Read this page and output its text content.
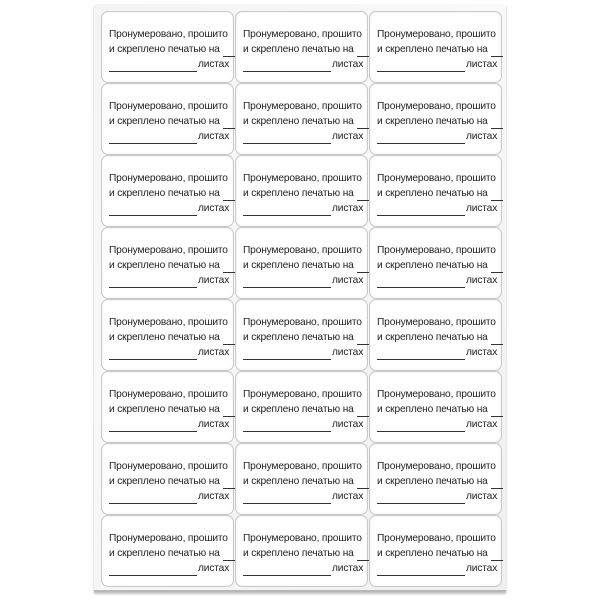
Пронумеровано, прошито
и скреплено печатью на
листах
Пронумеровано, прошито
и скреплено печатью на
листах
Пронумеровано, прошито
и скреплено печатью на
листах
Пронумеровано, прошито
и скреплено печатью на
листах
Пронумеровано, прошито
и скреплено печатью на
листах
Пронумеровано, прошито
и скреплено печатью на
листах
Пронумеровано, прошито
и скреплено печатью на
листах
Пронумеровано, прошито
и скреплено печатью на
листах
Пронумеровано, прошито
и скреплено печатью на
листах
Пронумеровано, прошито
и скреплено печатью на
листах
Пронумеровано, прошито
и скреплено печатью на
листах
Пронумеровано, прошито
и скреплено печатью на
листах
Пронумеровано, прошито
и скреплено печатью на
листах
Пронумеровано, прошито
и скреплено печатью на
листах
Пронумеровано, прошито
и скреплено печатью на
листах
Пронумеровано, прошито
и скреплено печатью на
листах
Пронумеровано, прошито
и скреплено печатью на
листах
Пронумеровано, прошито
и скреплено печатью на
листах
Пронумеровано, прошито
и скреплено печатью на
листах
Пронумеровано, прошито
и скреплено печатью на
листах
Пронумеровано, прошито
и скреплено печатью на
листах
Пронумеровано, прошито
и скреплено печатью на
листах
Пронумеровано, прошито
и скреплено печатью на
листах
Пронумеровано, прошито
и скреплено печатью на
листах
